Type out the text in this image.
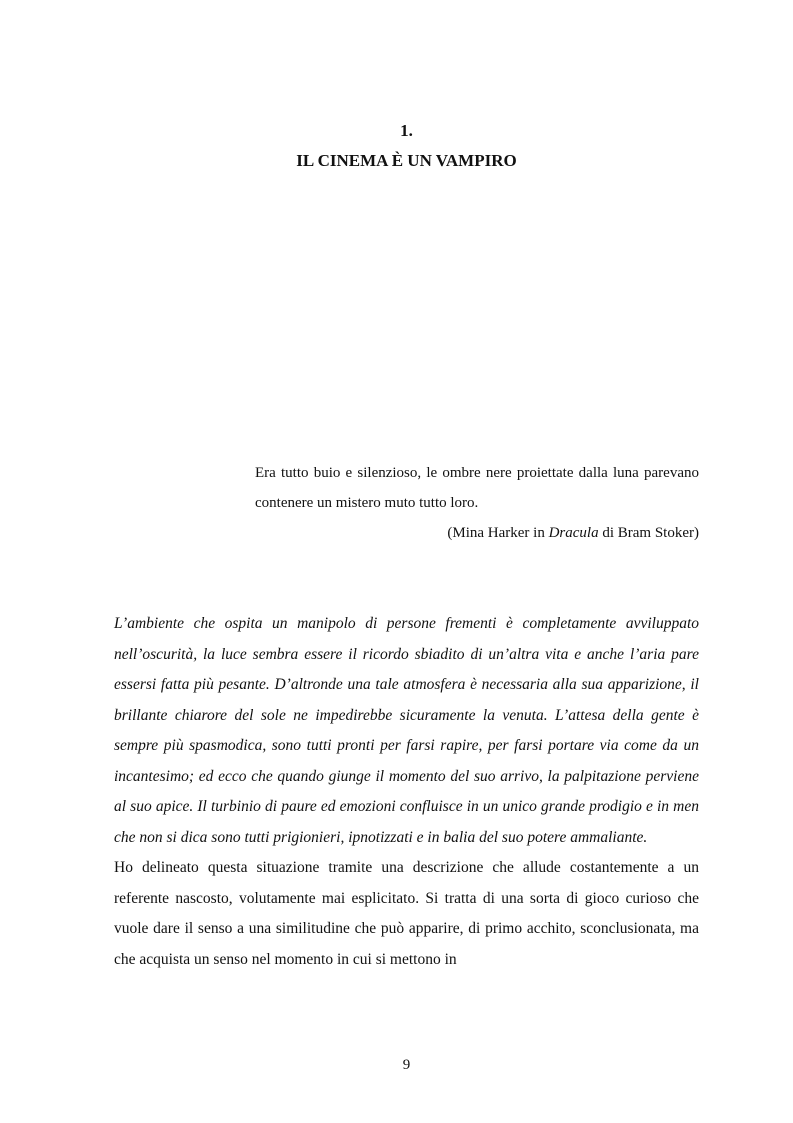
1.
IL CINEMA È UN VAMPIRO

Era tutto buio e silenzioso, le ombre nere proiettate dalla luna parevano contenere un mistero muto tutto loro.

(Mina Harker in Dracula di Bram Stoker)

L’ambiente che ospita un manipolo di persone frementi è completamente avviluppato nell’oscurità, la luce sembra essere il ricordo sbiadito di un’altra vita e anche l’aria pare essersi fatta più pesante. D’altronde una tale atmosfera è necessaria alla sua apparizione, il brillante chiarore del sole ne impedirebbe sicuramente la venuta. L’attesa della gente è sempre più spasmodica, sono tutti pronti per farsi rapire, per farsi portare via come da un incantesimo; ed ecco che quando giunge il momento del suo arrivo, la palpitazione perviene al suo apice. Il turbinio di paure ed emozioni confluisce in un unico grande prodigio e in men che non si dica sono tutti prigionieri, ipnotizzati e in balia del suo potere ammaliante.

Ho delineato questa situazione tramite una descrizione che allude costantemente a un referente nascosto, volutamente mai esplicitato. Si tratta di una sorta di gioco curioso che vuole dare il senso a una similitudine che può apparire, di primo acchito, sconclusionata, ma che acquista un senso nel momento in cui si mettono in

9
